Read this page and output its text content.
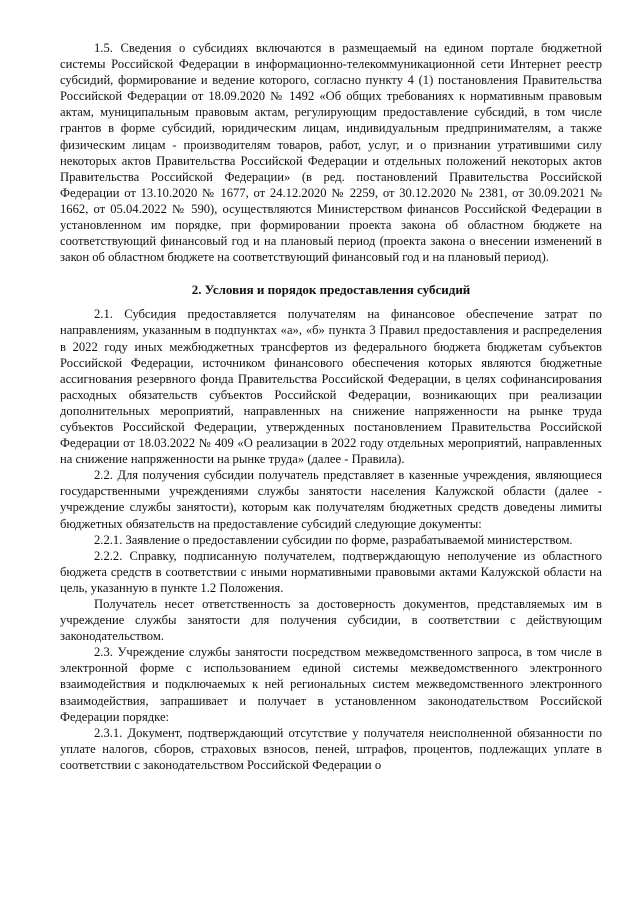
1.5. Сведения о субсидиях включаются в размещаемый на едином портале бюджетной системы Российской Федерации в информационно-телекоммуникационной сети Интернет реестр субсидий, формирование и ведение которого, согласно пункту 4 (1) постановления Правительства Российской Федерации от 18.09.2020 № 1492 «Об общих требованиях к нормативным правовым актам, муниципальным правовым актам, регулирующим предоставление субсидий, в том числе грантов в форме субсидий, юридическим лицам, индивидуальным предпринимателям, а также физическим лицам - производителям товаров, работ, услуг, и о признании утратившими силу некоторых актов Правительства Российской Федерации и отдельных положений некоторых актов Правительства Российской Федерации» (в ред. постановлений Правительства Российской Федерации от 13.10.2020 № 1677, от 24.12.2020 № 2259, от 30.12.2020 № 2381, от 30.09.2021 № 1662, от 05.04.2022 № 590), осуществляются Министерством финансов Российской Федерации в установленном им порядке, при формировании проекта закона об областном бюджете на соответствующий финансовый год и на плановый период (проекта закона о внесении изменений в закон об областном бюджете на соответствующий финансовый год и на плановый период).

2. Условия и порядок предоставления субсидий

2.1. Субсидия предоставляется получателям на финансовое обеспечение затрат по направлениям, указанным в подпунктах «а», «б» пункта 3 Правил предоставления и распределения в 2022 году иных межбюджетных трансфертов из федерального бюджета бюджетам субъектов Российской Федерации, источником финансового обеспечения которых являются бюджетные ассигнования резервного фонда Правительства Российской Федерации, в целях софинансирования расходных обязательств субъектов Российской Федерации, возникающих при реализации дополнительных мероприятий, направленных на снижение напряженности на рынке труда субъектов Российской Федерации, утвержденных постановлением Правительства Российской Федерации от 18.03.2022 № 409 «О реализации в 2022 году отдельных мероприятий, направленных на снижение напряженности на рынке труда» (далее - Правила).

2.2. Для получения субсидии получатель представляет в казенные учреждения, являющиеся государственными учреждениями службы занятости населения Калужской области (далее - учреждение службы занятости), которым как получателям бюджетных средств доведены лимиты бюджетных обязательств на предоставление субсидий следующие документы:

2.2.1. Заявление о предоставлении субсидии по форме, разрабатываемой министерством.

2.2.2. Справку, подписанную получателем, подтверждающую неполучение из областного бюджета средств в соответствии с иными нормативными правовыми актами Калужской области на цель, указанную в пункте 1.2 Положения.

Получатель несет ответственность за достоверность документов, представляемых им в учреждение службы занятости для получения субсидии, в соответствии с действующим законодательством.

2.3. Учреждение службы занятости посредством межведомственного запроса, в том числе в электронной форме с использованием единой системы межведомственного электронного взаимодействия и подключаемых к ней региональных систем межведомственного электронного взаимодействия, запрашивает и получает в установленном законодательством Российской Федерации порядке:

2.3.1. Документ, подтверждающий отсутствие у получателя неисполненной обязанности по уплате налогов, сборов, страховых взносов, пеней, штрафов, процентов, подлежащих уплате в соответствии с законодательством Российской Федерации о
